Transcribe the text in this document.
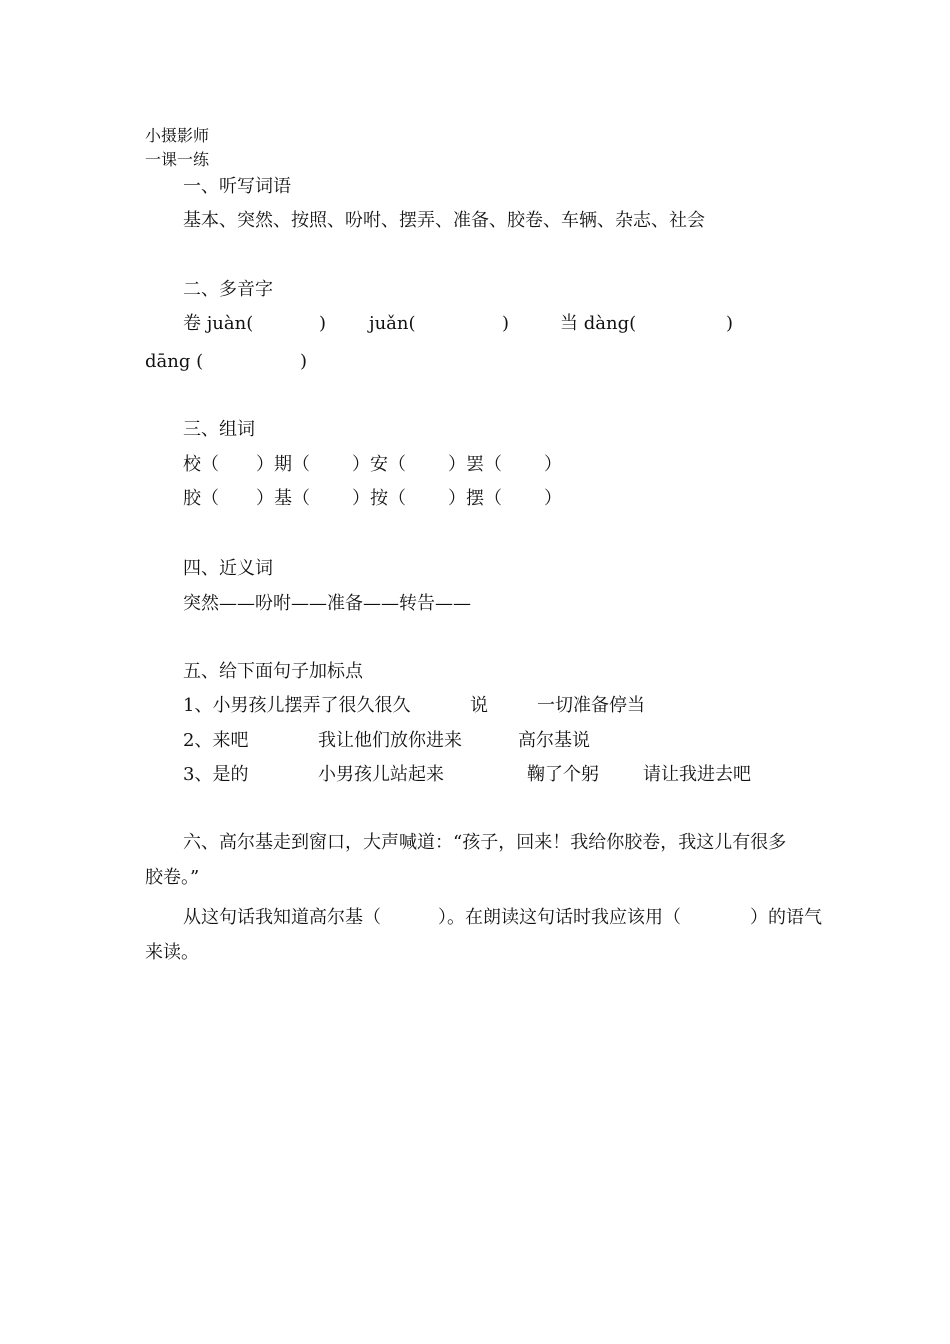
小摄影师
一课一练
一、听写词语
基本、突然、按照、吩咐、摆弄、准备、胶卷、车辆、杂志、社会
二、多音字

卷 juàn(

	)

juǎn(

	)

	当 dàng(

	)

dāng (

	)

三、组词

校（

）期（

）安（

）罢（

）

胶（

）基（

）按（

）摆（

）

四、近义词
突然——吩咐——准备——转告——
五、给下面句子加标点

1、小男孩儿摆弄了很久很久

	说

	一切准备停当

2、来吧

	我让他们放你进来

	高尔基说

3、是的

	小男孩儿站起来

	鞠了个躬

请让我进去吧

六、高尔基走到窗口，大声喊道：“孩子，回来！我给你胶卷，我这儿有很多
胶卷。”

从这句话我知道高尔基（

	）。在朗读这句话时我应该用（

	）的语气

来读。
